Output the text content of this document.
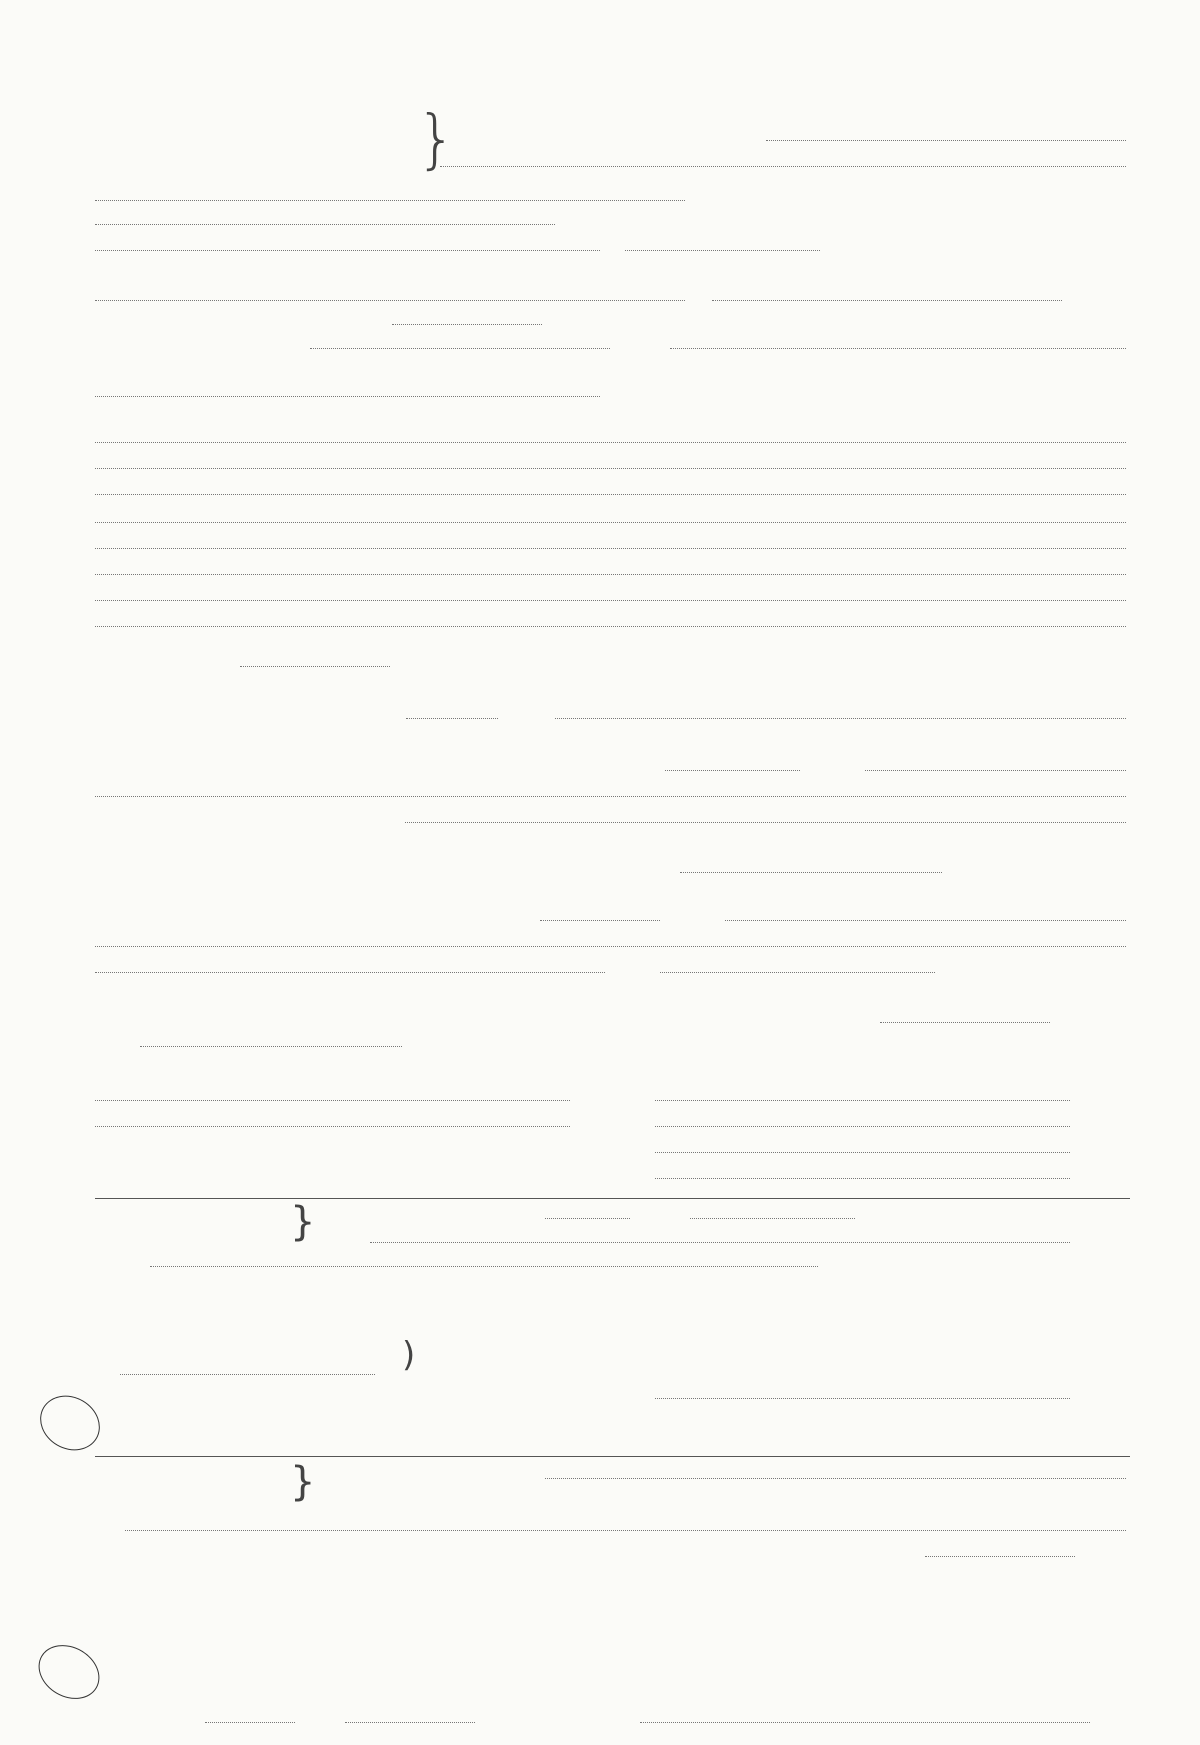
}
}
)
}
